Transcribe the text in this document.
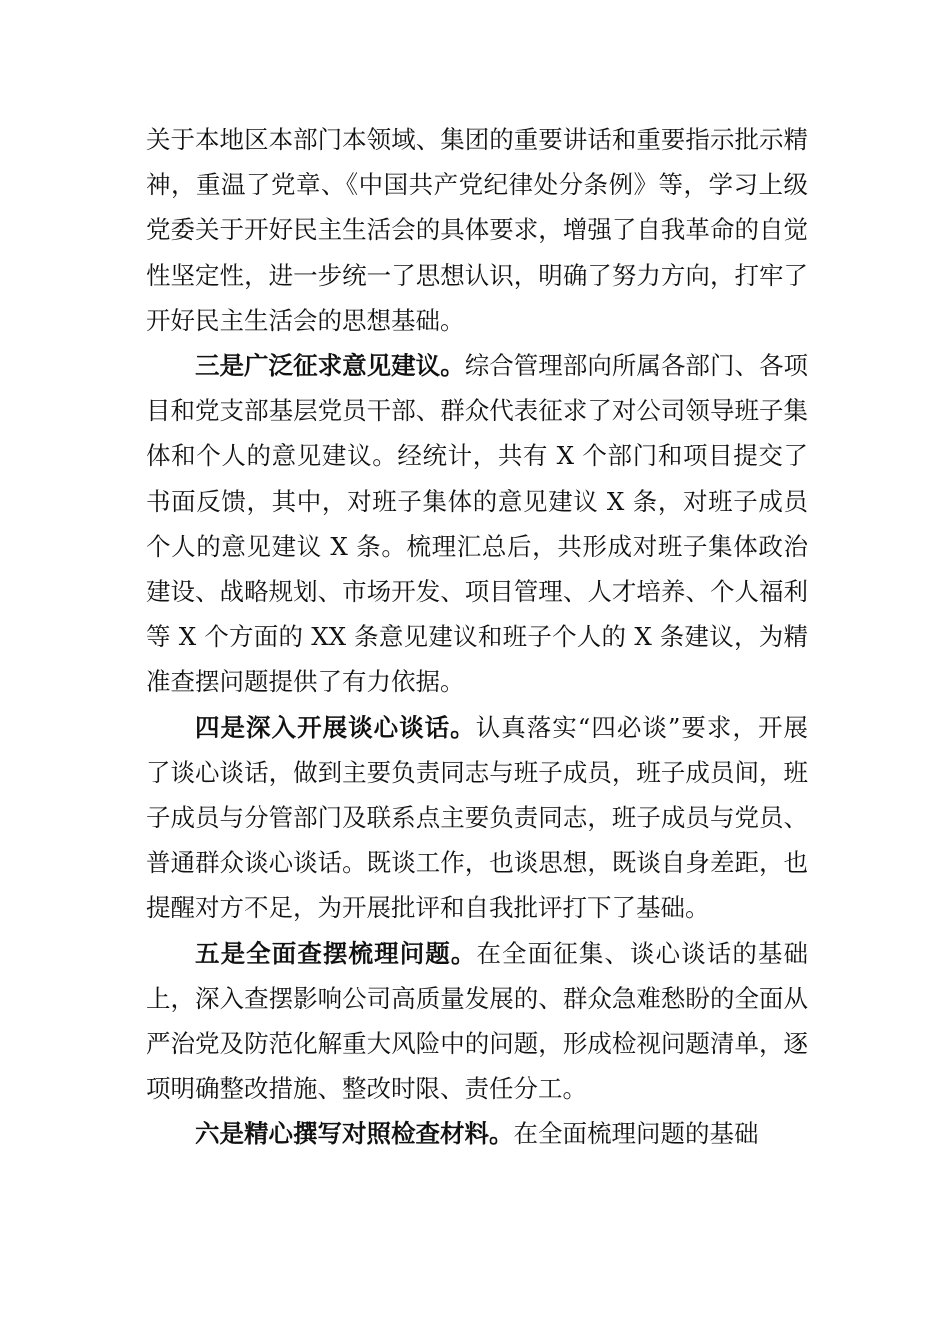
关于本地区本部门本领域、集团的重要讲话和重要指示批示精神，重温了党章、《中国共产党纪律处分条例》等，学习上级党委关于开好民主生活会的具体要求，增强了自我革命的自觉性坚定性，进一步统一了思想认识，明确了努力方向，打牢了开好民主生活会的思想基础。

三是广泛征求意见建议。综合管理部向所属各部门、各项目和党支部基层党员干部、群众代表征求了对公司领导班子集体和个人的意见建议。经统计，共有 X 个部门和项目提交了书面反馈，其中，对班子集体的意见建议 X 条，对班子成员个人的意见建议 X 条。梳理汇总后，共形成对班子集体政治建设、战略规划、市场开发、项目管理、人才培养、个人福利等 X 个方面的 XX 条意见建议和班子个人的 X 条建议，为精准查摆问题提供了有力依据。

四是深入开展谈心谈话。认真落实“四必谈”要求，开展了谈心谈话，做到主要负责同志与班子成员，班子成员间，班子成员与分管部门及联系点主要负责同志，班子成员与党员、普通群众谈心谈话。既谈工作，也谈思想，既谈自身差距，也提醒对方不足，为开展批评和自我批评打下了基础。

五是全面查摆梳理问题。在全面征集、谈心谈话的基础上，深入查摆影响公司高质量发展的、群众急难愁盼的全面从严治党及防范化解重大风险中的问题，形成检视问题清单，逐项明确整改措施、整改时限、责任分工。

六是精心撰写对照检查材料。在全面梳理问题的基础
